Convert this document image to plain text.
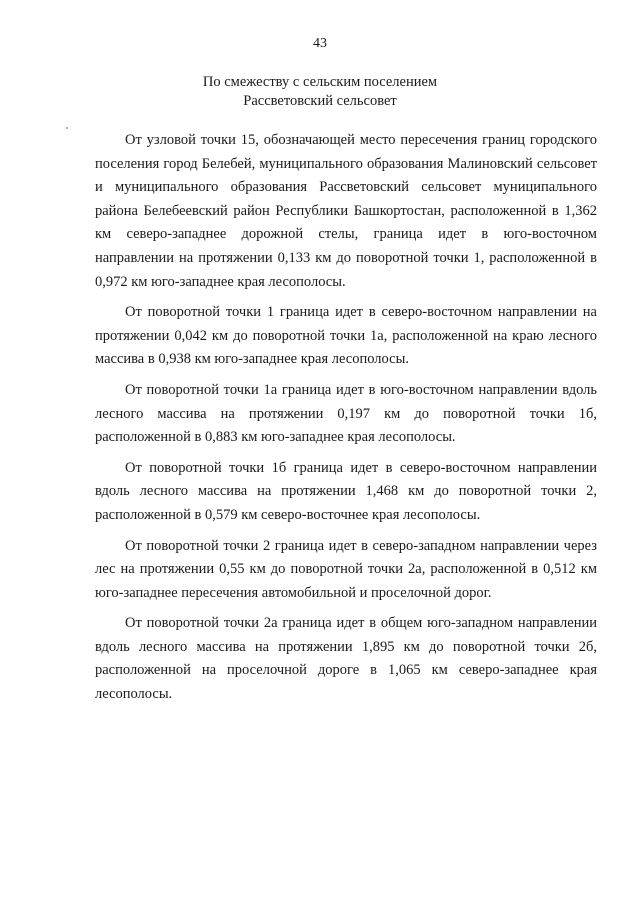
43
По смежеству с сельским поселением
Рассветовский сельсовет

От узловой точки 15, обозначающей место пересечения границ городского поселения город Белебей, муниципального образования Малиновский сельсовет и муниципального образования Рассветовский сельсовет муниципального района Белебеевский район Республики Башкортостан, расположенной в 1,362 км северо-западнее дорожной стелы, граница идет в юго-восточном направлении на протяжении 0,133 км до поворотной точки 1, расположенной в 0,972 км юго-западнее края лесополосы.

От поворотной точки 1 граница идет в северо-восточном направлении на протяжении 0,042 км до поворотной точки 1а, расположенной на краю лесного массива в 0,938 км юго-западнее края лесополосы.

От поворотной точки 1а граница идет в юго-восточном направлении вдоль лесного массива на протяжении 0,197 км до поворотной точки 1б, расположенной в 0,883 км юго-западнее края лесополосы.

От поворотной точки 1б граница идет в северо-восточном направлении вдоль лесного массива на протяжении 1,468 км до поворотной точки 2, расположенной в 0,579 км северо-восточнее края лесополосы.

От поворотной точки 2 граница идет в северо-западном направлении через лес на протяжении 0,55 км до поворотной точки 2а, расположенной в 0,512 км юго-западнее пересечения автомобильной и проселочной дорог.

От поворотной точки 2а граница идет в общем юго-западном направлении вдоль лесного массива на протяжении 1,895 км до поворотной точки 2б, расположенной на проселочной дороге в 1,065 км северо-западнее края лесополосы.
